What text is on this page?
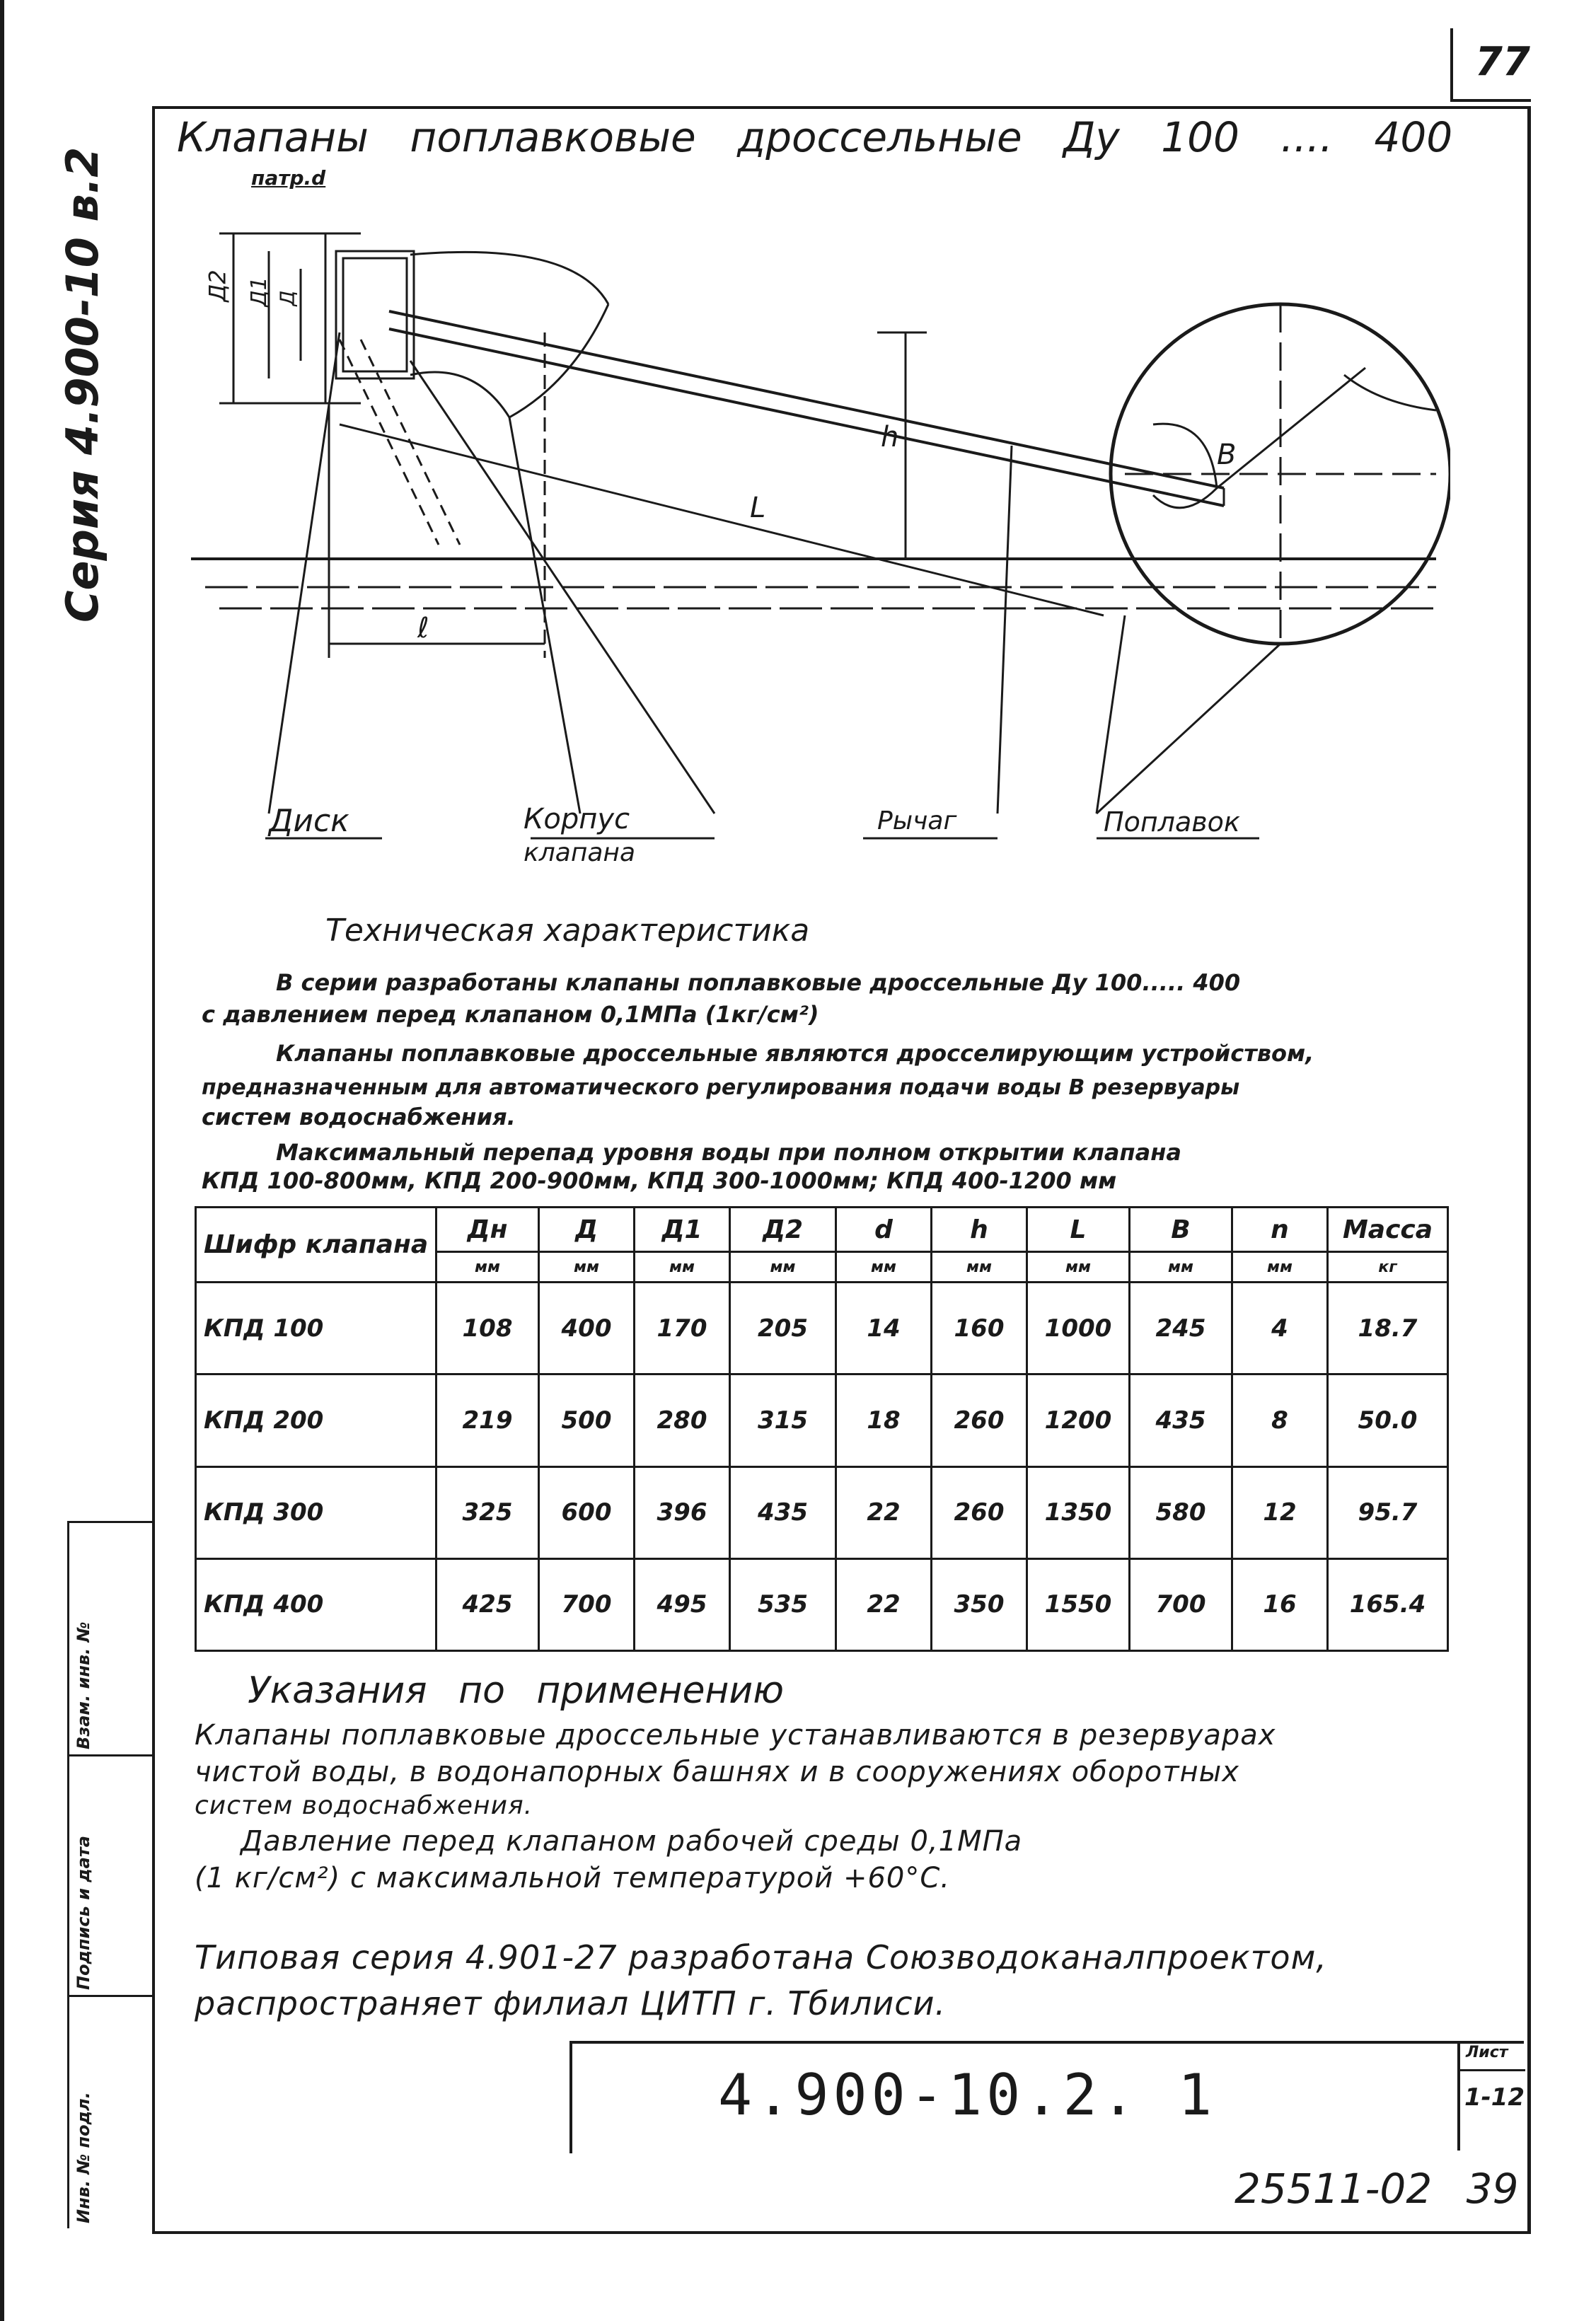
77
Серия 4.900-10 в.2
Взам. инв. №
Подпись и дата
Инв. № подл.
Клапаны поплавковые дроссельные Ду 100 .... 400
патр.d
Д2 Д1 Д
h
L
ℓ
В
Диск	Корпус
клапана
Рычаг	Поплавок
Техническая характеристика
В серии разработаны клапаны поплавковые дроссельные Ду 100..... 400
с давлением перед клапаном 0,1МПа (1кг/см²)
Клапаны поплавковые дроссельные являются дросселирующим устройством,
предназначенным для автоматического регулирования подачи воды В резервуары
систем водоснабжения.
Максимальный перепад уровня воды при полном открытии клапана
КПД 100-800мм, КПД 200-900мм, КПД 300-1000мм; КПД 400-1200 мм
Шифр клапана	Дн	Д	Д1	Д2	d	h	L	В	n	Масса
	мм	мм	мм	мм	мм	мм	мм	мм	мм	кг
КПД 100	108	400	170	205	14	160	1000	245	4	18.7
КПД 200	219	500	280	315	18	260	1200	435	8	50.0
КПД 300	325	600	396	435	22	260	1350	580	12	95.7
КПД 400	425	700	495	535	22	350	1550	700	16	165.4
Указания по применению
Клапаны поплавковые дроссельные устанавливаются в резервуарах
чистой воды, в водонапорных башнях и в сооружениях оборотных
систем водоснабжения.
Давление перед клапаном рабочей среды 0,1МПа
(1 кг/см²) с максимальной температурой +60°С.
Типовая серия 4.901-27 разработана Союзводоканалпроектом,
распространяет филиал ЦИТП г. Тбилиси.
4.900-10.2. 1
Лист
1-12
25511-02 39
